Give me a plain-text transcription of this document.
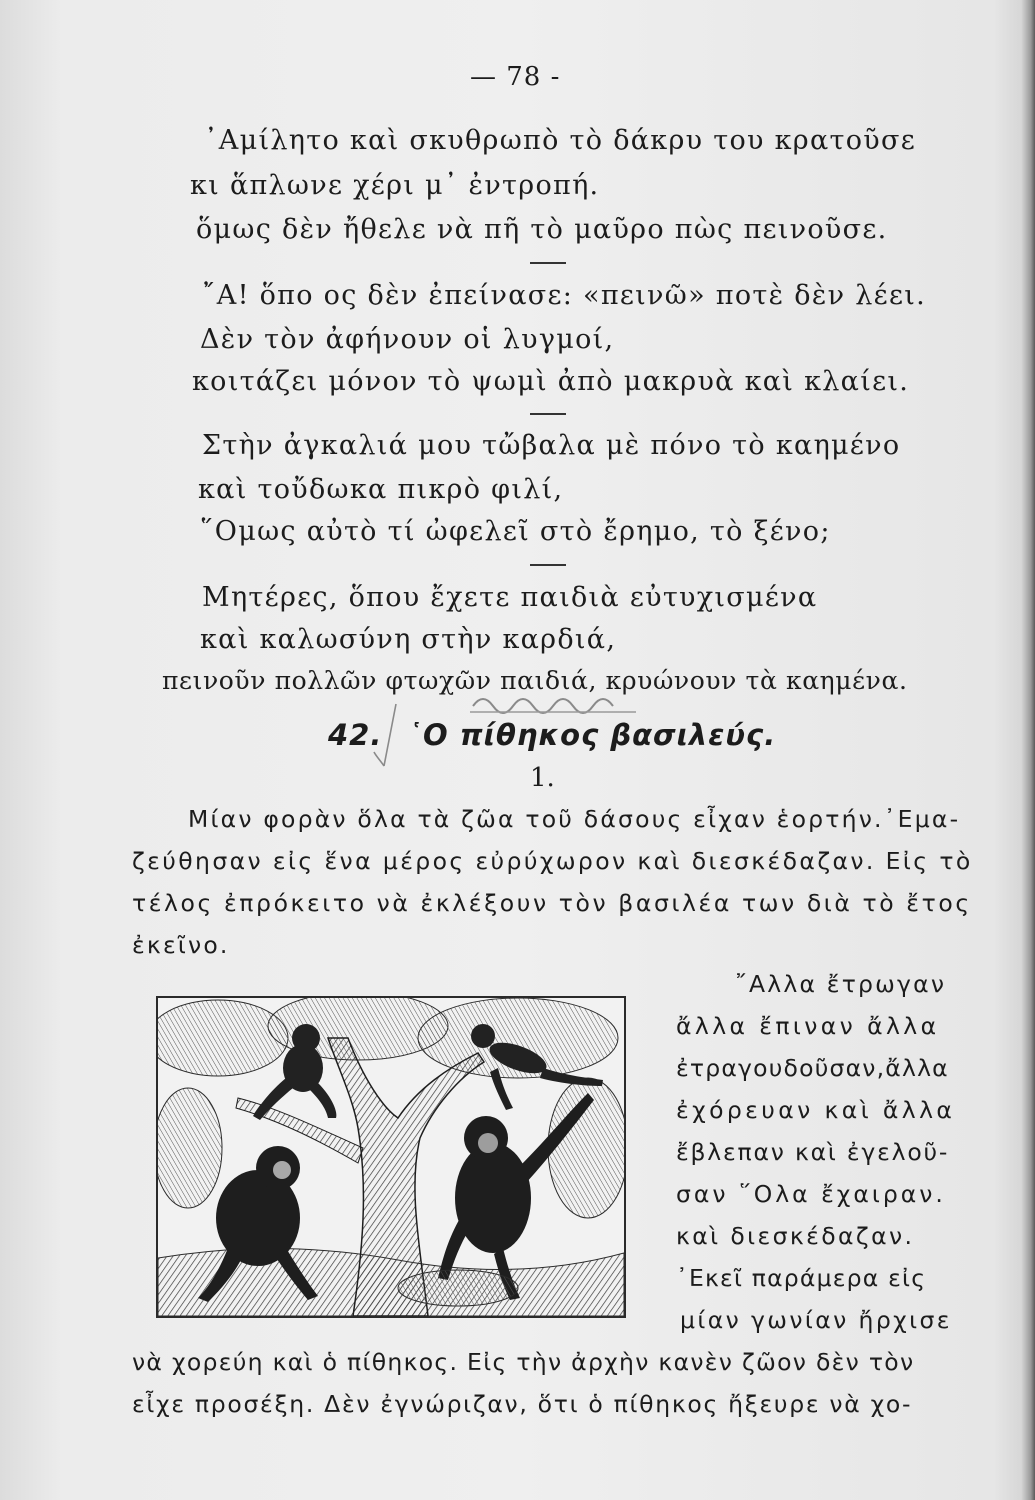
— 78 -
᾿Αμίλητο καὶ σκυθρωπὸ τὸ δάκρυ του κρατοῦσε
κι ἅπλωνε χέρι μ᾿ ἐντροπή.
ὅμως δὲν ἤθελε νὰ πῆ τὸ μαῦρο πὼς πεινοῦσε.
῎Α! ὅπο ος δὲν ἐπείνασε: «πεινῶ» ποτὲ δὲν λέει.
Δὲν τὸν ἀφήνουν οἱ λυγμοί,
κοιτάζει μόνον τὸ ψωμὶ ἀπὸ μακρυὰ καὶ κλαίει.
Στὴν ἀγκαλιά μου τὤβαλα μὲ πόνο τὸ καημένο
καὶ τοὔδωκα πικρὸ φιλί,
῞Ομως αὐτὸ τί ὠφελεῖ στὸ ἔρημο, τὸ ξένο;
Μητέρες, ὅπου ἔχετε παιδιὰ εὐτυχισμένα
καὶ καλωσύνη στὴν καρδιά,
πεινοῦν πολλῶν φτωχῶν παιδιά, κρυώνουν τὰ καημένα.
42. ῾Ο πίθηκος βασιλεύς.
1.
Μίαν φορὰν ὅλα τὰ ζῶα τοῦ δάσους εἶχαν ἑορτήν.᾿Εμα-
ζεύθησαν εἰς ἕνα μέρος εὐρύχωρον καὶ διεσκέδαζαν. Εἰς τὸ
τέλος ἐπρόκειτο νὰ ἐκλέξουν τὸν βασιλέα των διὰ τὸ ἔτος
ἐκεῖνο.
῎Αλλα ἔτρωγαν
ἄλλα ἔπιναν ἄλλα
ἐτραγουδοῦσαν,ἄλλα
ἐχόρευαν καὶ ἄλλα
ἔβλεπαν καὶ ἐγελοῦ-
σαν ῞Ολα ἔχαιραν.
καὶ διεσκέδαζαν.
᾿Εκεῖ παράμερα εἰς
μίαν γωνίαν ἤρχισε
νὰ χορεύη καὶ ὁ πίθηκος. Εἰς τὴν ἀρχὴν κανὲν ζῶον δὲν τὸν
εἶχε προσέξη. Δὲν ἐγνώριζαν, ὅτι ὁ πίθηκος ἤξευρε νὰ χο-
